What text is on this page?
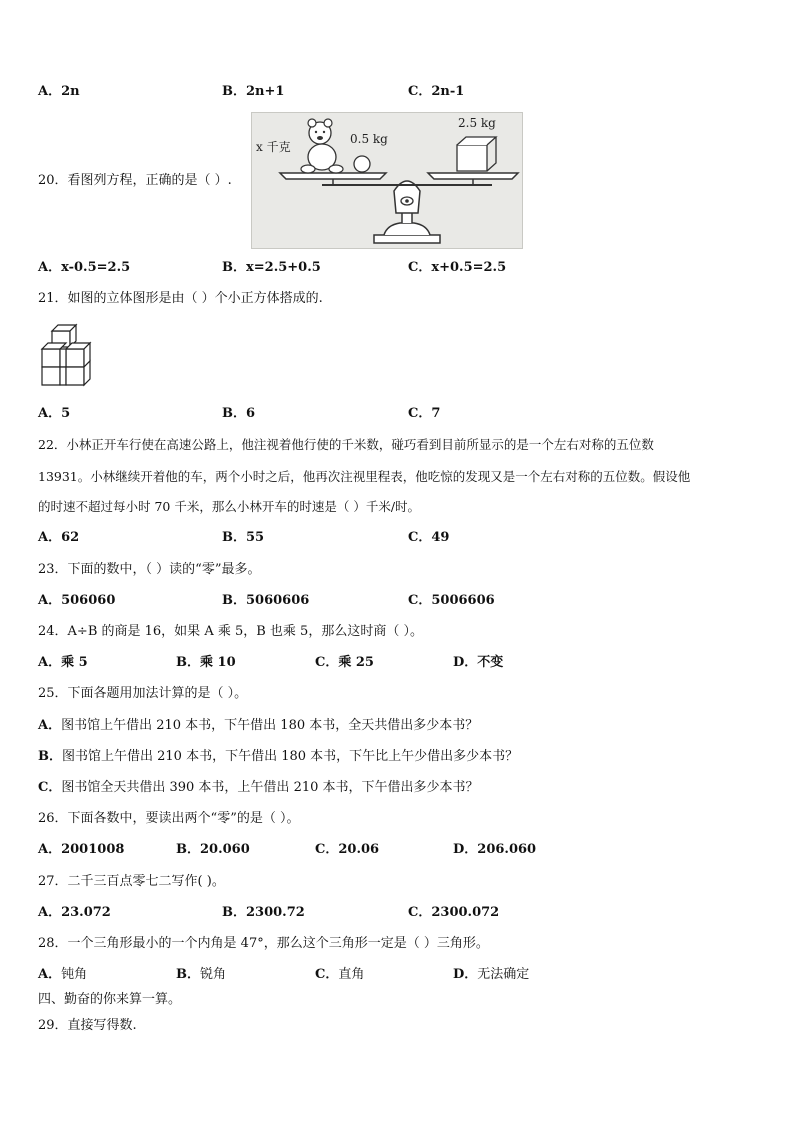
A．2n	B．2n+1	C．2n-1
20．看图列方程，正确的是（ ）.
x 千克
0.5 kg
2.5 kg
A．x-0.5=2.5	B．x=2.5+0.5	C．x+0.5=2.5
21．如图的立体图形是由（ ）个小正方体搭成的.
A．5	B．6	C．7
22．小林正开车行使在高速公路上，他注视着他行使的千米数，碰巧看到目前所显示的是一个左右对称的五位数
13931。小林继续开着他的车，两个小时之后，他再次注视里程表，他吃惊的发现又是一个左右对称的五位数。假设他
的时速不超过每小时 70 千米，那么小林开车的时速是（ ）千米/时。
A．62	B．55	C．49
23．下面的数中，（ ）读的“零”最多。
A．506060	B．5060606	C．5006606
24．A÷B 的商是 16，如果 A 乘 5，B 也乘 5，那么这时商（ ）。
A．乘 5	B．乘 10	C．乘 25	D．不变
25．下面各题用加法计算的是（ ）。
A．图书馆上午借出 210 本书，下午借出 180 本书，全天共借出多少本书？
B．图书馆上午借出 210 本书，下午借出 180 本书，下午比上午少借出多少本书？
C．图书馆全天共借出 390 本书，上午借出 210 本书，下午借出多少本书？
26．下面各数中，要读出两个“零”的是（ ）。
A．2001008	B．20.060	C．20.06	D．206.060
27．二千三百点零七二写作( )。
A．23.072	B．2300.72	C．2300.072
28．一个三角形最小的一个内角是 47°，那么这个三角形一定是（ ）三角形。
A．钝角	B．锐角	C．直角	D．无法确定
四、勤奋的你来算一算。
29．直接写得数.
